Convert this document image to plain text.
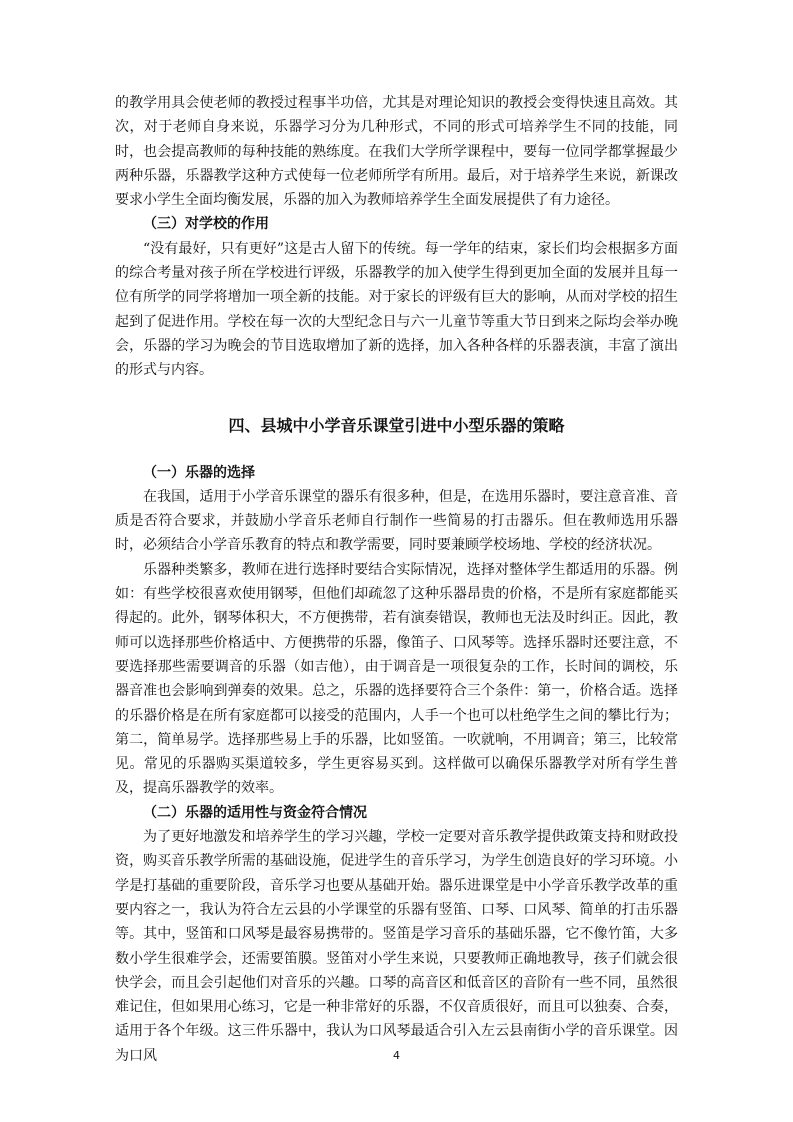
的教学用具会使老师的教授过程事半功倍，尤其是对理论知识的教授会变得快速且高效。其次，对于老师自身来说，乐器学习分为几种形式，不同的形式可培养学生不同的技能，同时，也会提高教师的每种技能的熟练度。在我们大学所学课程中，要每一位同学都掌握最少两种乐器，乐器教学这种方式使每一位老师所学有所用。最后，对于培养学生来说，新课改要求小学生全面均衡发展，乐器的加入为教师培养学生全面发展提供了有力途径。

（三）对学校的作用

“没有最好，只有更好”这是古人留下的传统。每一学年的结束，家长们均会根据多方面的综合考量对孩子所在学校进行评级，乐器教学的加入使学生得到更加全面的发展并且每一位有所学的同学将增加一项全新的技能。对于家长的评级有巨大的影响，从而对学校的招生起到了促进作用。学校在每一次的大型纪念日与六一儿童节等重大节日到来之际均会举办晚会，乐器的学习为晚会的节目选取增加了新的选择，加入各种各样的乐器表演，丰富了演出的形式与内容。

四、县城中小学音乐课堂引进中小型乐器的策略
（一）乐器的选择

在我国，适用于小学音乐课堂的器乐有很多种，但是，在选用乐器时，要注意音准、音质是否符合要求，并鼓励小学音乐老师自行制作一些简易的打击器乐。但在教师选用乐器时，必须结合小学音乐教育的特点和教学需要，同时要兼顾学校场地、学校的经济状况。

乐器种类繁多，教师在进行选择时要结合实际情况，选择对整体学生都适用的乐器。例如：有些学校很喜欢使用钢琴，但他们却疏忽了这种乐器昂贵的价格，不是所有家庭都能买得起的。此外，钢琴体积大，不方便携带，若有演奏错误，教师也无法及时纠正。因此，教师可以选择那些价格适中、方便携带的乐器，像笛子、口风琴等。选择乐器时还要注意，不要选择那些需要调音的乐器（如吉他），由于调音是一项很复杂的工作，长时间的调校，乐器音准也会影响到弹奏的效果。总之，乐器的选择要符合三个条件：第一，价格合适。选择的乐器价格是在所有家庭都可以接受的范围内，人手一个也可以杜绝学生之间的攀比行为；第二，简单易学。选择那些易上手的乐器，比如竖笛。一吹就响，不用调音；第三，比较常见。常见的乐器购买渠道较多，学生更容易买到。这样做可以确保乐器教学对所有学生普及，提高乐器教学的效率。

（二）乐器的适用性与资金符合情况

为了更好地激发和培养学生的学习兴趣，学校一定要对音乐教学提供政策支持和财政投资，购买音乐教学所需的基础设施，促进学生的音乐学习，为学生创造良好的学习环境。小学是打基础的重要阶段，音乐学习也要从基础开始。器乐进课堂是中小学音乐教学改革的重要内容之一，我认为符合左云县的小学课堂的乐器有竖笛、口琴、口风琴、简单的打击乐器等。其中，竖笛和口风琴是最容易携带的。竖笛是学习音乐的基础乐器，它不像竹笛，大多数小学生很难学会，还需要笛膜。竖笛对小学生来说，只要教师正确地教导，孩子们就会很快学会，而且会引起他们对音乐的兴趣。口琴的高音区和低音区的音阶有一些不同，虽然很难记住，但如果用心练习，它是一种非常好的乐器，不仅音质很好，而且可以独奏、合奏，适用于各个年级。这三件乐器中，我认为口风琴最适合引入左云县南街小学的音乐课堂。因为口风	4
